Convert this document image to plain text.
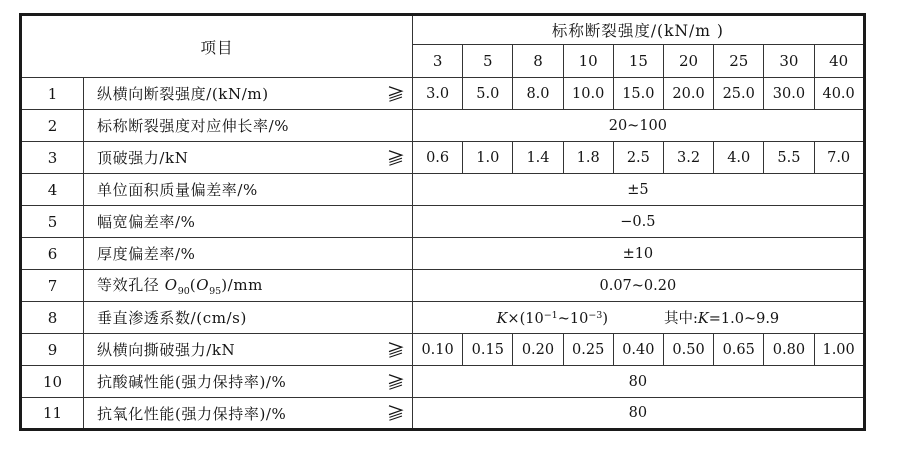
项目		标称断裂强度/(kN/m )								
		3	5	8	10	15	20	25	30	40
1	纵横向断裂强度/(kN/m)	3.0	5.0	8.0	10.0	15.0	20.0	25.0	30.0	40.0
2	标称断裂强度对应伸长率/%	20~100								
3	顶破强力/kN	0.6	1.0	1.4	1.8	2.5	3.2	4.0	5.5	7.0
4	单位面积质量偏差率/%	±5								
5	幅宽偏差率/%	−0.5								
6	厚度偏差率/%	±10								
7	等效孔径 $O_{90}(O_{95})/mm$	0.07~0.20								
8	垂直渗透系数/(cm/s)	$K\times(10^{-1}\sim 10^{-3})$ 其中:K=1.0~9.9								
9	纵横向撕破强力/kN	0.10	0.15	0.20	0.25	0.40	0.50	0.65	0.80	1.00
10	抗酸碱性能(强力保持率)/%	80								
11	抗氧化性能(强力保持率)/%	80								
